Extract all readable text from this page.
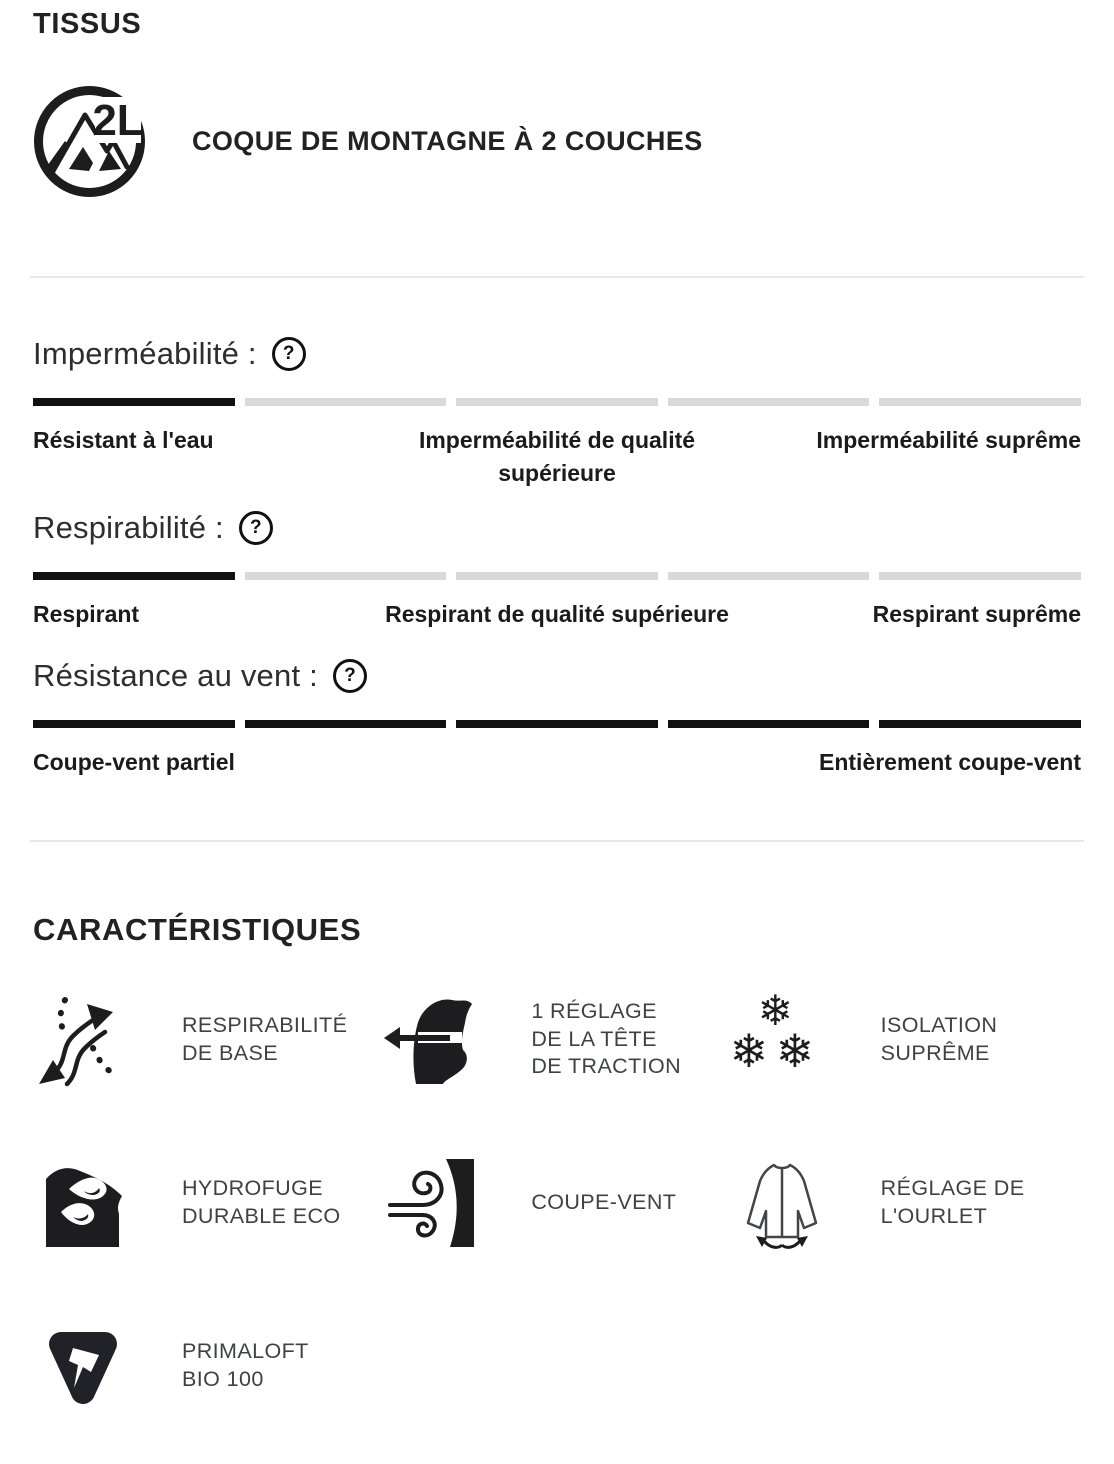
TISSUS
2L COQUE DE MONTAGNE À 2 COUCHES
Imperméabilité :	?
Résistant à l'eau	Imperméabilité de qualité supérieure
Imperméabilité suprême
Respirabilité :	?
Respirant	Respirant de qualité supérieure	Respirant suprême
Résistance au vent :	?
Coupe-vent partiel	Entièrement coupe-vent
CARACTÉRISTIQUES
RESPIRABILITÉ DE BASE
1 RÉGLAGE DE LA TÊTE DE TRACTION
❄
❄ ❄	ISOLATION SUPRÊME
HYDROFUGE DURABLE ECO
COUPE-VENT
RÉGLAGE DE L'OURLET
PRIMALOFT BIO 100
